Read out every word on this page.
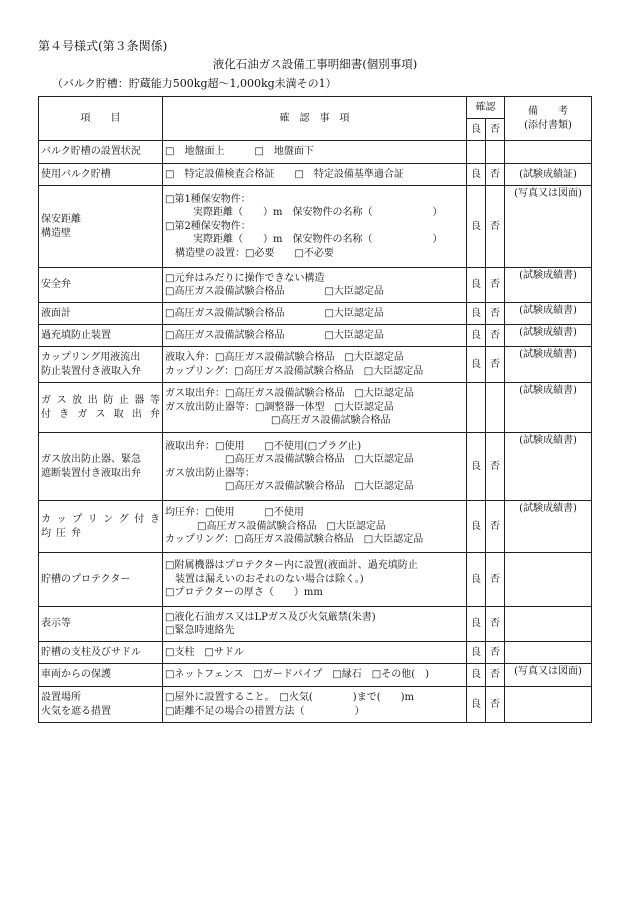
第４号様式(第３条関係)
液化石油ガス設備工事明細書(個別事項)
（バルク貯槽：貯蔵能力500kg超～1,000kg未満その1）
項　　目	確　認　事　項	確認		備　　考
(添付書類)

		良	否	

バルク貯槽の設置状況	□　地盤面上　　　□　地盤面下			

使用バルク貯槽	□　特定設備検査合格証　　□　特定設備基準適合証	良	否	(試験成績証)

保安距離
構造壁	□第1種保安物件：
実際距離（　　）m　保安物件の名称（　　　　　　）
□第2種保安物件：
実際距離（　　）m　保安物件の名称（　　　　　　）
構造壁の設置：□必要　　□不必要	良	否	(写真又は図面)

安全弁	□元弁はみだりに操作できない構造
□高圧ガス設備試験合格品　　　　□大臣認定品	良	否	(試験成績書)

液面計	□高圧ガス設備試験合格品　　　　□大臣認定品	良	否	(試験成績書)

過充填防止装置	□高圧ガス設備試験合格品　　　　□大臣認定品	良	否	(試験成績書)

カップリング用液流出
防止装置付き液取入弁	液取入弁：□高圧ガス設備試験合格品　□大臣認定品
カップリング：□高圧ガス設備試験合格品　□大臣認定品	良	否	(試験成績書)

ガス放出防止器等
付きガス取出弁	ガス取出弁：□高圧ガス設備試験合格品　□大臣認定品
ガス放出防止器等：□調整器一体型　□大臣認定品
□高圧ガス設備試験合格品			(試験成績書)

ガス放出防止器、緊急
遮断装置付き液取出弁	液取出弁：□使用　　□不使用(□プラグ止)
□高圧ガス設備試験合格品　□大臣認定品
ガス放出防止器等：
□高圧ガス設備試験合格品　□大臣認定品	良	否	(試験成績書)

カップリング付き
均圧弁	均圧弁：□使用　　　□不使用
□高圧ガス設備試験合格品　□大臣認定品
カップリング：□高圧ガス設備試験合格品　□大臣認定品	良	否	(試験成績書)

貯槽のプロテクター	□附属機器はプロテクター内に設置(液面計、過充填防止
装置は漏えいのおそれのない場合は除く。)
□プロテクターの厚さ（　　）mm	良	否	

表示等	□液化石油ガス又はLPガス及び火気厳禁(朱書)
□緊急時連絡先	良	否	

貯槽の支柱及びサドル	□支柱　□サドル	良	否	

車両からの保護	□ネットフェンス　□ガードパイプ　□縁石　□その他(　)	良	否	(写真又は図面)

設置場所
火気を遮る措置	□屋外に設置すること。　□火気(　　　　)まで(　　)m
□距離不足の場合の措置方法（　　　　　）	良	否	
